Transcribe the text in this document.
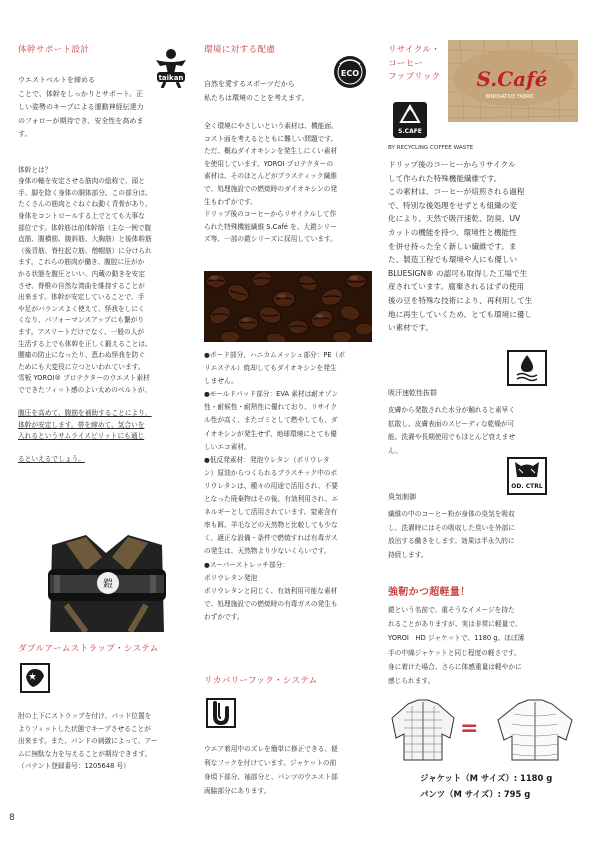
体幹サポート設計
taikan
ウエストベルトを締める
ことで、体幹をしっかりとサポート。正
しい姿勢のキープによる運動神経伝達力
のフォローが期待でき、安全性を高めま
す。

体幹とは？
身体の軸を安定させる筋肉の総称で、頭と
手、脚を除く身体の胴体部分。この部分は、
たくさんの筋肉とぐねぐね動く背骨があり、
身体をコントロールする上でとても大事な
部位です。体幹筋は前体幹筋（主な一例で腹
直筋、腹横筋、腹斜筋、大胸筋）と後体幹筋
（後背筋、脊柱起立筋、僧帽筋）に分けられ
ます。これらの筋肉が働き、腹腔に圧がか
かる状態を腹圧といい、内蔵の動きを安定
させ、脊椎の自然な湾曲を維持することが
出来ます。体幹が安定していることで、手
や足がバランスよく使えて、怪我をしにく
くなり、パフォーマンスアップにも繋がり
ます。アスリートだけでなく、一般の人が
生活する上でも体幹を正しく鍛えることは、
腰痛の防止になったり、恵わぬ怪我を防ぐ
ためにも大変役に立つといわれています。
雪板 YOROI® プロテクターのウエスト素材
でできたフィット感のよい太めのベルトが、

腹圧を高めて、腹筋を補助することにより、
体幹が安定します。帯を締めて、気合いを
入れるというサムライスピリットにも通じ

るといえるでしょう。

鎧
ダブルアームストラップ・システム
肘の上下にストラップを付け、パッド位置を
よりフィットした状態でキープさせることが
出来ます。また、バンドの刺激によって、アー
ムに無駄な力を与えることが期待できます。
（パテント登録番号：1205648 号）
8
環境に対する配慮
ECO
自然を愛するスポーツだから
私たちは環境のことを考えます。
全く環境にやさしいという素材は、機能面、
コスト面を考えるとともに難しい問題です。
ただ、概ねダイオキシンを発生しにくい素材
を使用しています。YOROI プロテクターの
素材は、そのほとんどがプラスティック繊維
で、処理施設での燃焼時のダイオキシンの発
生もわずかです。
ドリップ後のコーヒーからリサイクルして作
られた特殊機能繊維 S.Café を、大鎧シリー
ズ等、一部の鎧シリーズに採用しています。
●ボード部分、ハニカムメッシュ部分：PE（ポ
リエステル）焼却してもダイオキシンを発生
しません。
●モールドパッド部分：EVA 素材は耐オゾン
性・耐候性・耐熱性に優れており、リサイク
ル性が高く、またゴミとして燃やしても、ダ
イオキシンが発生せず、地球環境にとても優
しいエコ素材。
●低反発素材：発泡ウレタン（ポリウレタ
ン）原油からつくられるプラスチック中のポ
リウレタンは、種々の用途で活用され、不要
となった廃棄物はその後、有効利用され、エ
ネルギーとして活用されています。窒素含有
率も餌、羊毛などの天然物と比較しても少な
く、適正な設備・条件で燃焼すれば有毒ガス
の発生は、天然物より少ないくらいです。
●スーパーストレッチ部分：
ポリウレタン発泡
ポリウレタンと同じく、有効利用可能な素材
で、処理施設での燃焼時の有毒ガスの発生も
わずかです。
リカバリーフック・システム
ウエア着用中のズレを簡単に修正できる、便
利なフックを付けています。ジャケットの前
身頃下部分、袖部分と、パンツのウエスト部
両脇部分にあります。
リサイクル・
コーヒー
ファブリック	S.Café
INNOVATIVE FABRIC
S.CAFE
BY RECYCLING COFFEE WASTE
ドリップ後のコーヒーからリサイクル
して作られた特殊機能繊維です。
この素材は、コーヒーが焙煎される過程
で、特別な後処理をせずとも組織の変
化により、天然で吸汗速乾、防臭、UV
カットの機能を持つ、環境性と機能性
を併せ持った全く新しい繊維です。ま
た、製造工程でも環境や人にも優しい
BLUESIGN® の認可も取得した工場で生
産されています。腐棄されるはずの使用
後の豆を特殊な技術により、再利用して生
地に再生していくため、とても環境に優し
い素材です。
吸汗速乾性抜群
皮膚から発散された水分が触れると素早く
拡散し、皮膚表面のスピーディな乾燥が可
能。洗濯や長期使用でもほとんど衰えませ
ん。
OD. CTRL
臭気制御
繊維の中のコーヒー粉が身体の臭気を吸収
し、洗濯時にはその吸収した臭いを外部に
放出する働きをします。効果は半永久的に
持続します。
強靭かつ超軽量！
鎧という名前で、重そうなイメージを持た
れることがありますが、実は非常に軽量で、
YOROI　HD ジャケットで、1180 g。ほぼ薄
手の中綿ジャケットと同じ程度の軽さです。
身に着けた場合、さらに体感重量は軽やかに
感じられます。
=
ジャケット（M サイズ）: 1180 g
パンツ（M サイズ）: 795 g
